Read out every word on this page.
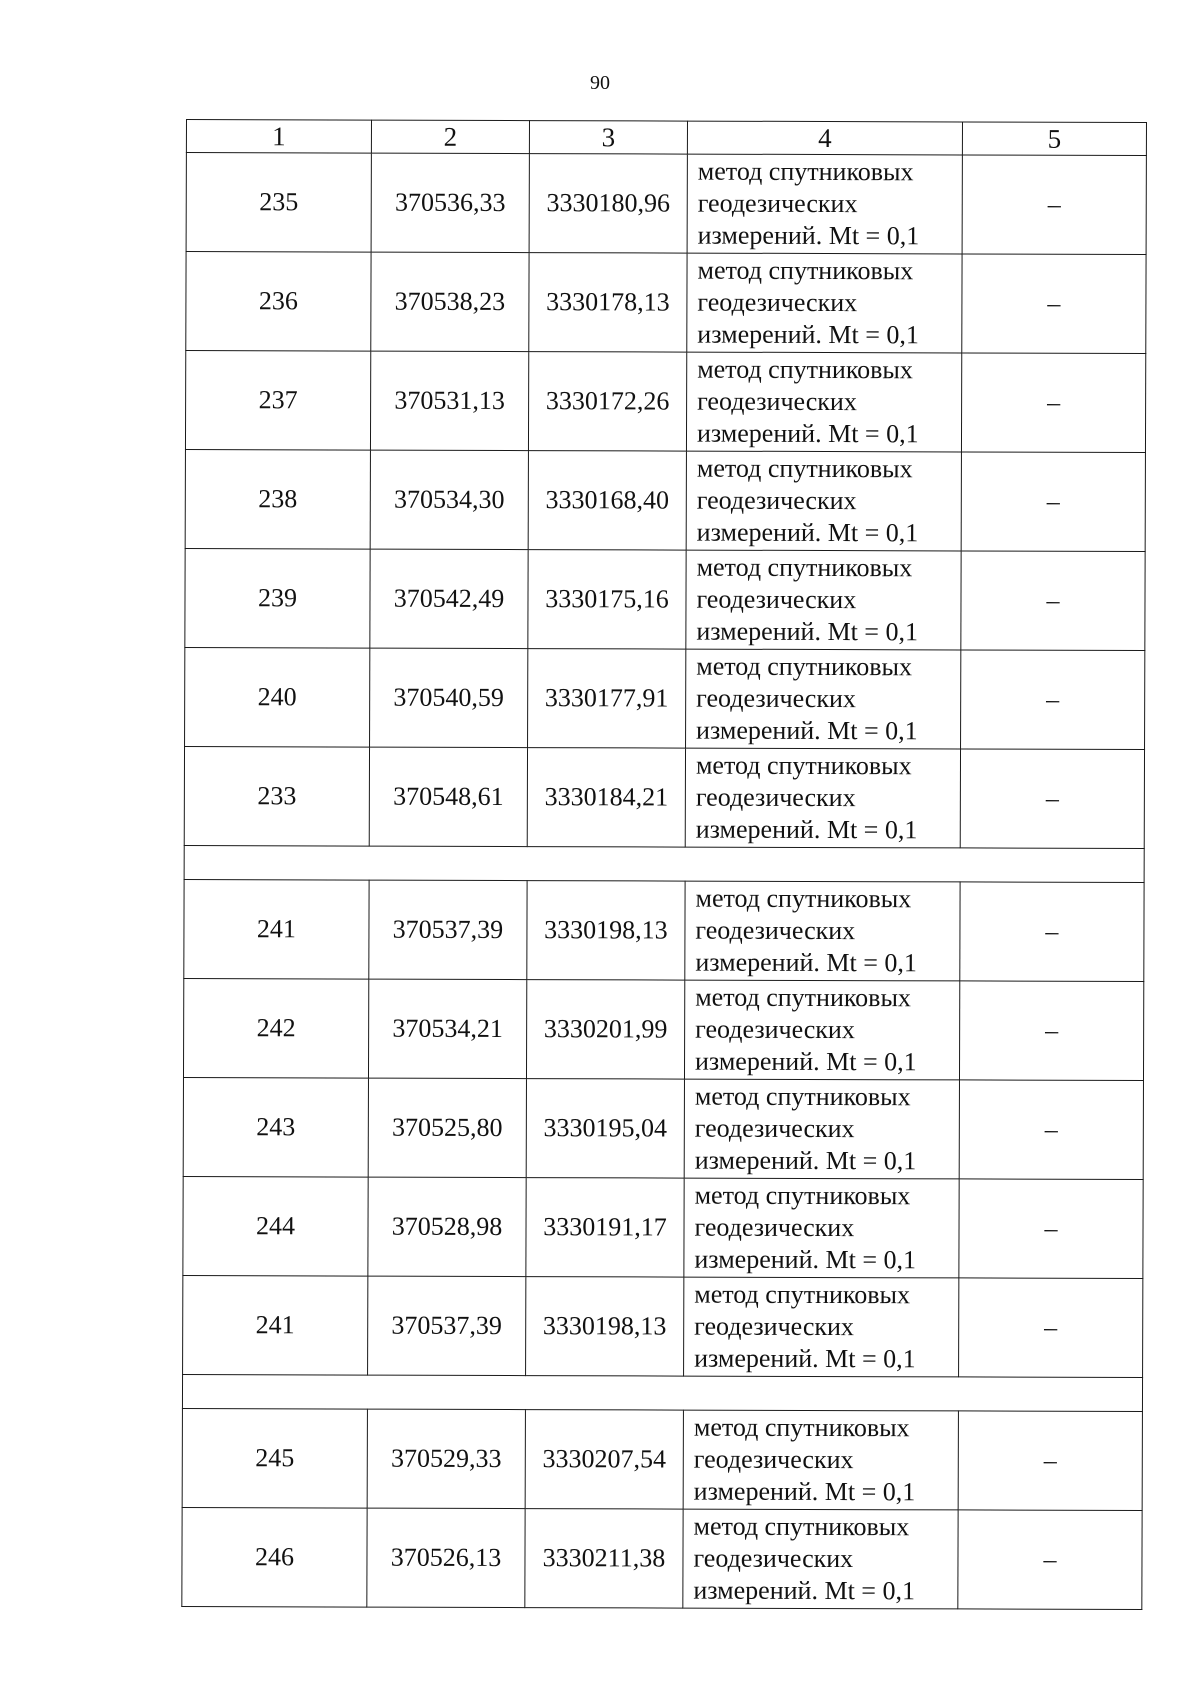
90
1	2	3	4	5
235	370536,33	3330180,96	метод спутниковых
геодезических
измерений. Mt = 0,1	–
236	370538,23	3330178,13	метод спутниковых
геодезических
измерений. Mt = 0,1	–
237	370531,13	3330172,26	метод спутниковых
геодезических
измерений. Mt = 0,1	–
238	370534,30	3330168,40	метод спутниковых
геодезических
измерений. Mt = 0,1	–
239	370542,49	3330175,16	метод спутниковых
геодезических
измерений. Mt = 0,1	–
240	370540,59	3330177,91	метод спутниковых
геодезических
измерений. Mt = 0,1	–
233	370548,61	3330184,21	метод спутниковых
геодезических
измерений. Mt = 0,1	–

241	370537,39	3330198,13	метод спутниковых
геодезических
измерений. Mt = 0,1	–
242	370534,21	3330201,99	метод спутниковых
геодезических
измерений. Mt = 0,1	–
243	370525,80	3330195,04	метод спутниковых
геодезических
измерений. Mt = 0,1	–
244	370528,98	3330191,17	метод спутниковых
геодезических
измерений. Mt = 0,1	–
241	370537,39	3330198,13	метод спутниковых
геодезических
измерений. Mt = 0,1	–

245	370529,33	3330207,54	метод спутниковых
геодезических
измерений. Mt = 0,1	–
246	370526,13	3330211,38	метод спутниковых
геодезических
измерений. Mt = 0,1	–
